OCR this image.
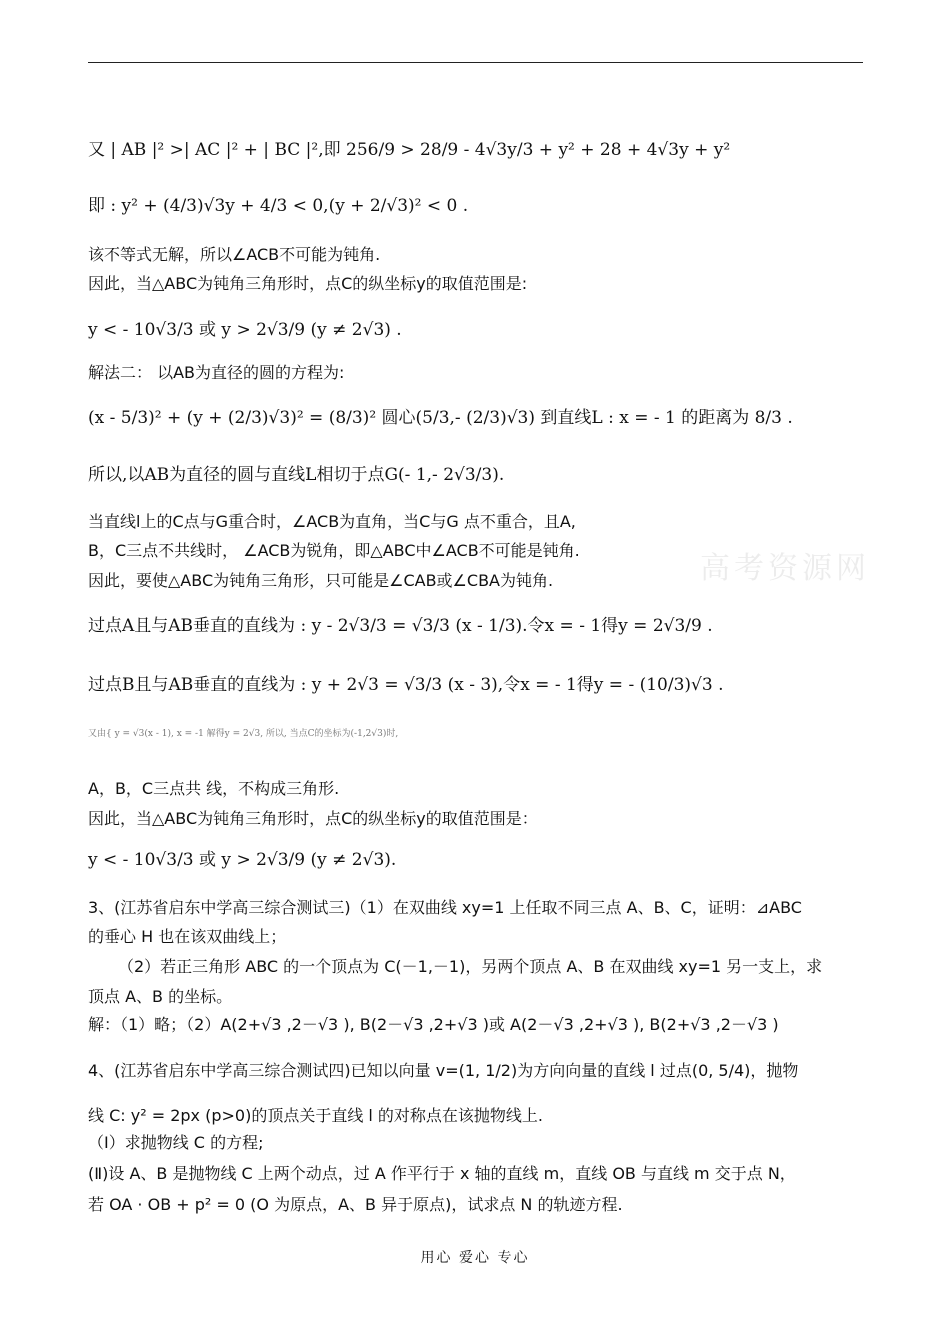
高考资源网
又 | AB |² >| AC |² + | BC |²,即 256/9 > 28/9 - 4√3y/3 + y² + 28 + 4√3y + y²
即 : y² + (4/3)√3y + 4/3 < 0,(y + 2/√3)² < 0 .
该不等式无解，所以∠ACB不可能为钝角.
因此，当△ABC为钝角三角形时，点C的纵坐标y的取值范围是:
y < - 10√3/3 或 y > 2√3/9 (y ≠ 2√3) .
解法二： 以AB为直径的圆的方程为:
(x - 5/3)² + (y + (2/3)√3)² = (8/3)² 圆心(5/3,- (2/3)√3) 到直线L : x = - 1 的距离为 8/3 .
所以,以AB为直径的圆与直线L相切于点G(- 1,- 2√3/3).
当直线l上的C点与G重合时，∠ACB为直角，当C与G 点不重合，且A,
B，C三点不共线时， ∠ACB为锐角，即△ABC中∠ACB不可能是钝角.
因此，要使△ABC为钝角三角形，只可能是∠CAB或∠CBA为钝角.
过点A且与AB垂直的直线为 : y - 2√3/3 = √3/3 (x - 1/3).令x = - 1得y = 2√3/9 .
过点B且与AB垂直的直线为 : y + 2√3 = √3/3 (x - 3),令x = - 1得y = - (10/3)√3 .
又由{ y = √3(x - 1), x = -1 解得y = 2√3, 所以, 当点C的坐标为(-1,2√3)时,
A，B，C三点共 线，不构成三角形.
因此，当△ABC为钝角三角形时，点C的纵坐标y的取值范围是：
y < - 10√3/3 或 y > 2√3/9 (y ≠ 2√3).
3、(江苏省启东中学高三综合测试三)（1）在双曲线 xy=1 上任取不同三点 A、B、C，证明：⊿ABC
的垂心 H 也在该双曲线上；
（2）若正三角形 ABC 的一个顶点为 C(－1,－1)，另两个顶点 A、B 在双曲线 xy=1 另一支上，求
顶点 A、B 的坐标。
解：（1）略；（2）A(2+√3 ,2－√3 ), B(2－√3 ,2+√3 )或 A(2－√3 ,2+√3 ), B(2+√3 ,2－√3 )
4、(江苏省启东中学高三综合测试四)已知以向量 v=(1, 1/2)为方向向量的直线 l 过点(0, 5/4)，抛物
线 C: y² = 2px (p>0)的顶点关于直线 l 的对称点在该抛物线上.
（Ⅰ）求抛物线 C 的方程;
(Ⅱ)设 A、B 是抛物线 C 上两个动点，过 A 作平行于 x 轴的直线 m，直线 OB 与直线 m 交于点 N，
若 OA · OB + p² = 0 (O 为原点，A、B 异于原点)，试求点 N 的轨迹方程.
用心 爱心 专心
